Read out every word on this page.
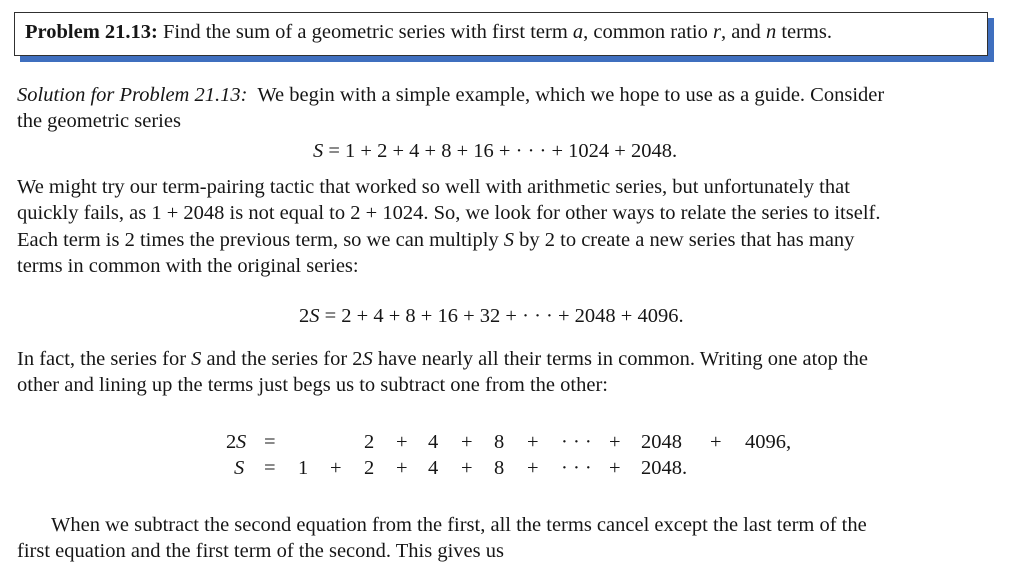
Problem 21.13: Find the sum of a geometric series with first term a, common ratio r, and n terms.
Solution for Problem 21.13: We begin with a simple example, which we hope to use as a guide. Consider
the geometric series
S = 1 + 2 + 4 + 8 + 16 + · · · + 1024 + 2048.
We might try our term-pairing tactic that worked so well with arithmetic series, but unfortunately that
quickly fails, as 1 + 2048 is not equal to 2 + 1024. So, we look for other ways to relate the series to itself.
Each term is 2 times the previous term, so we can multiply S by 2 to create a new series that has many
terms in common with the original series:
2S = 2 + 4 + 8 + 16 + 32 + · · · + 2048 + 4096.
In fact, the series for S and the series for 2S have nearly all their terms in common. Writing one atop the
other and lining up the terms just begs us to subtract one from the other:
2 S =	2 + 4 + 8 + · · · + 2048 + 4096,
S = 1 + 2 + 4 + 8 + · · · + 2048.
When we subtract the second equation from the first, all the terms cancel except the last term of the
first equation and the first term of the second. This gives us
